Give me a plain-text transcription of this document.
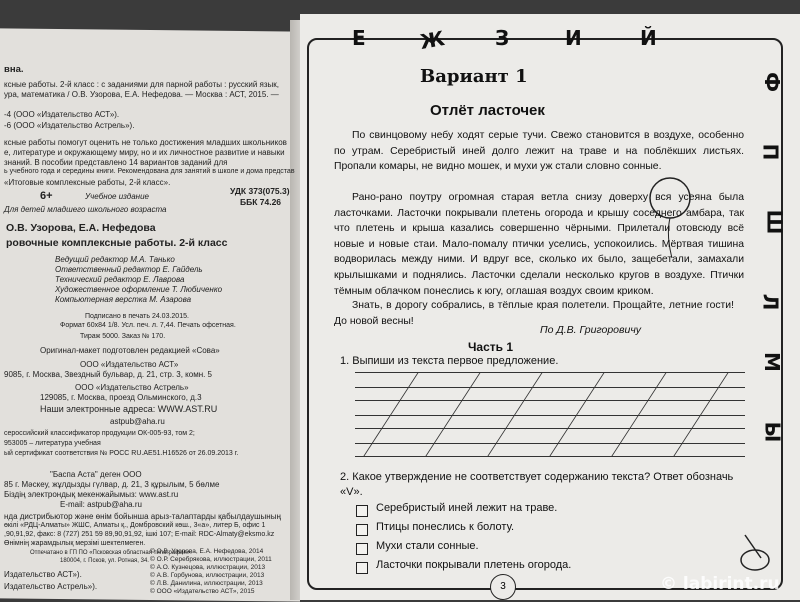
вна.
ксные работы. 2-й класс : с заданиями для парной работы : русский язык,
ура, математика / О.В. Узорова, Е.А. Нефедова. — Москва : АСТ, 2015. —
-4 (ООО «Издательство АСТ»).
-6 (ООО «Издательство Астрель»).
ксные работы помогут оценить не только достижения младших школьников
е, литературе и окружающему миру, но и их личностное развитие и навыки
знаний. В пособии представлено 14 вариантов заданий для
ь учебного года и середины книги. Рекомендована для занятий в школе и дома представ
«Итоговые комплексные работы, 2-й класс».
6+	Учебное издание
УДК 373(075.3)
ББК 74.26
Для детей младшего школьного возраста
О.В. Узорова, Е.А. Нефедова
ровочные комплексные работы. 2-й класс
Ведущий редактор М.А. Танько
Ответственный редактор Е. Гайдель
Технический редактор Е. Лаврова
Художественное оформление Т. Любиченко
Компьютерная верстка М. Азарова
Подписано в печать 24.03.2015.
Формат 60x84 1/8. Усл. печ. л. 7,44. Печать офсетная.
Тираж 5000. Заказ № 170.
Оригинал-макет подготовлен редакцией «Сова»
ООО «Издательство АСТ»
9085, г. Москва, Звездный бульвар, д. 21, стр. 3, комн. 5
ООО «Издательство Астрель»
129085, г. Москва, проезд Ольминского, д.3
Наши электронные адреса: WWW.AST.RU
astpub@aha.ru
сероссийский классификатор продукции ОК-005-93, том 2;
953005 – литература учебная
ый сертификат соответствия № РОСС RU.АЕ51.Н16526 от 26.09.2013 г.
"Баспа Аста" деген ООО
85 г. Мәскеу, жұлдызды гүлвар, д. 21, 3 құрылым, 5 бөлме
Біздің электрондық мекенжайымыз: www.ast.ru
E-mail: astpub@aha.ru
нда дистрибьютор және өнім бойынша арыз-талаптарды қабылдаушының
өкілі «РДЦ-Алматы» ЖШС, Алматы қ., Домбровский көш., 3«а», литер Б, офис 1
,90,91,92, факс: 8 (727) 251 59 89,90,91,92, ішкі 107; E-mail: RDC-Almaty@eksmo.kz
Өнімнің жарамдылық мерзімі шектелмеген.
Отпечатано в ГП ПО «Псковская областная типография».
180004, г. Псков, ул. Ротная, 34.
© О.В. Узорова, Е.А. Нефедова, 2014
© О.Р. Серебрякова, иллюстрации, 2011
© А.О. Кузнецова, иллюстрации, 2013
© А.В. Горбунова, иллюстрации, 2013
© Л.В. Данилина, иллюстрации, 2013
© ООО «Издательство АСТ», 2015
Издательство АСТ»).
Издательство Астрель»).
Е	Ж З	И	Й
Ф
П
Ш
Л
М
Ы
Вариант 1
Отлёт ласточек
По свинцовому небу ходят серые тучи. Свежо становится в воздухе, особенно по утрам. Серебристый иней долго лежит на траве и на поблёкших листьях. Пропали комары, не видно мошек, и мухи уж стали словно сонные.
Рано-рано поутру огромная старая ветла снизу доверху вся усеяна была ласточками. Ласточки покрывали плетень огорода и крышу соседнего амбара, так что плетень и крыша казались совершенно чёрными. Прилетали отовсюду всё новые и новые стаи. Мало-помалу птички уселись, успокоились. Мёртвая тишина водворилась между ними. И вдруг все, сколько их было, защебетали, замахали крылышками и поднялись. Ласточки сделали несколько кругов в воздухе. Птички тёмным облачком понеслись к югу, оглашая воздух своим криком.
Знать, в дорогу собрались, в тёплые края полетели. Прощайте, летние гости! До новой весны!
По Д.В. Григоровичу
Часть 1
1. Выпиши из текста первое предложение.
2. Какое утверждение не соответствует содержанию текста? Ответ обозначь «V».
Серебристый иней лежит на траве.
Птицы понеслись к болоту.
Мухи стали сонные.
Ласточки покрывали плетень огорода.
3	© labirint.ru
